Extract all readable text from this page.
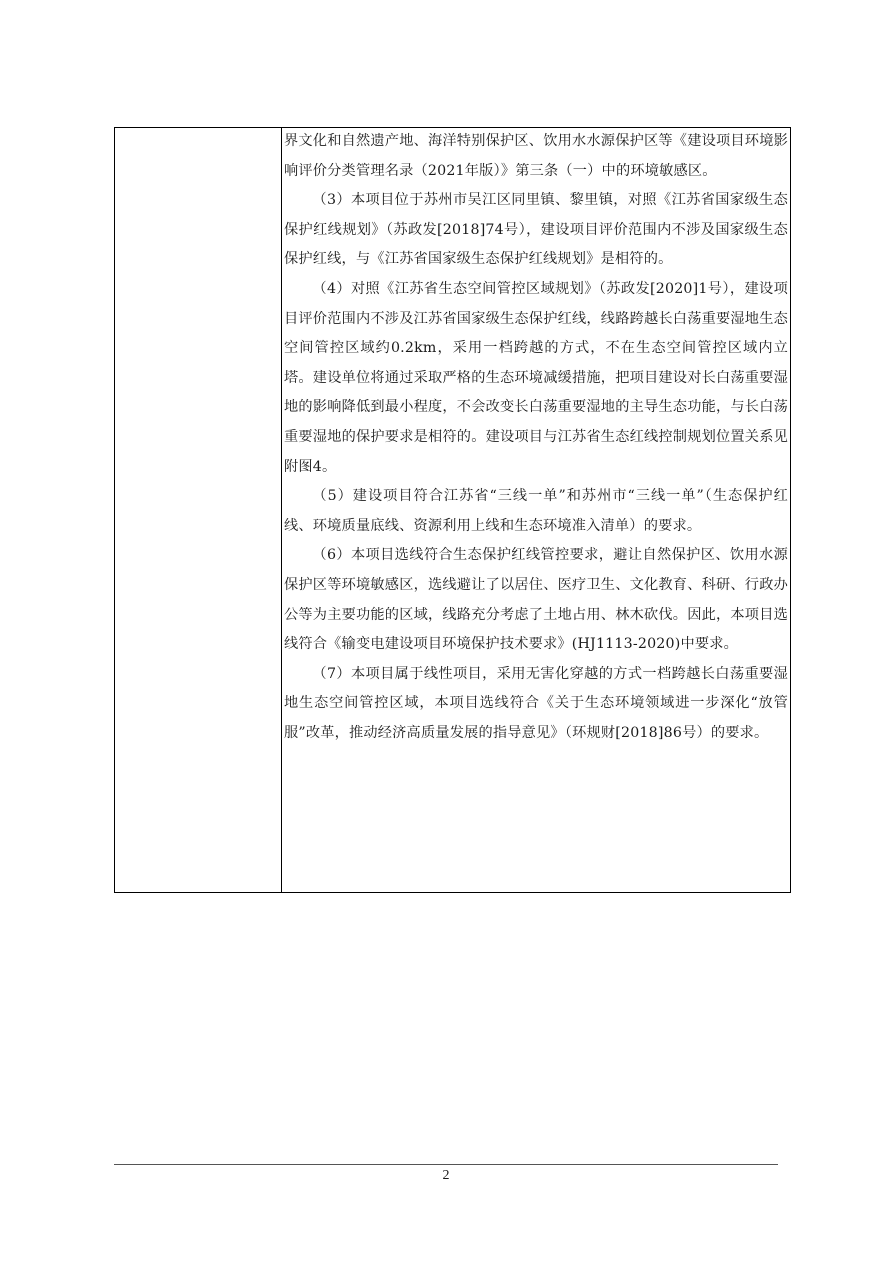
界文化和自然遗产地、海洋特别保护区、饮用水水源保护区等《建设项目环境影响评价分类管理名录（2021年版）》第三条（一）中的环境敏感区。

（3）本项目位于苏州市吴江区同里镇、黎里镇，对照《江苏省国家级生态保护红线规划》（苏政发[2018]74号），建设项目评价范围内不涉及国家级生态保护红线，与《江苏省国家级生态保护红线规划》是相符的。

（4）对照《江苏省生态空间管控区域规划》（苏政发[2020]1号），建设项目评价范围内不涉及江苏省国家级生态保护红线，线路跨越长白荡重要湿地生态空间管控区域约0.2km，采用一档跨越的方式，不在生态空间管控区域内立塔。建设单位将通过采取严格的生态环境减缓措施，把项目建设对长白荡重要湿地的影响降低到最小程度，不会改变长白荡重要湿地的主导生态功能，与长白荡重要湿地的保护要求是相符的。建设项目与江苏省生态红线控制规划位置关系见附图4。

（5）建设项目符合江苏省“三线一单”和苏州市“三线一单”（生态保护红线、环境质量底线、资源利用上线和生态环境准入清单）的要求。

（6）本项目选线符合生态保护红线管控要求，避让自然保护区、饮用水源保护区等环境敏感区，选线避让了以居住、医疗卫生、文化教育、科研、行政办公等为主要功能的区域，线路充分考虑了土地占用、林木砍伐。因此，本项目选线符合《输变电建设项目环境保护技术要求》(HJ1113-2020)中要求。

（7）本项目属于线性项目，采用无害化穿越的方式一档跨越长白荡重要湿地生态空间管控区域，本项目选线符合《关于生态环境领域进一步深化“放管服”改革，推动经济高质量发展的指导意见》（环规财[2018]86号）的要求。

2
